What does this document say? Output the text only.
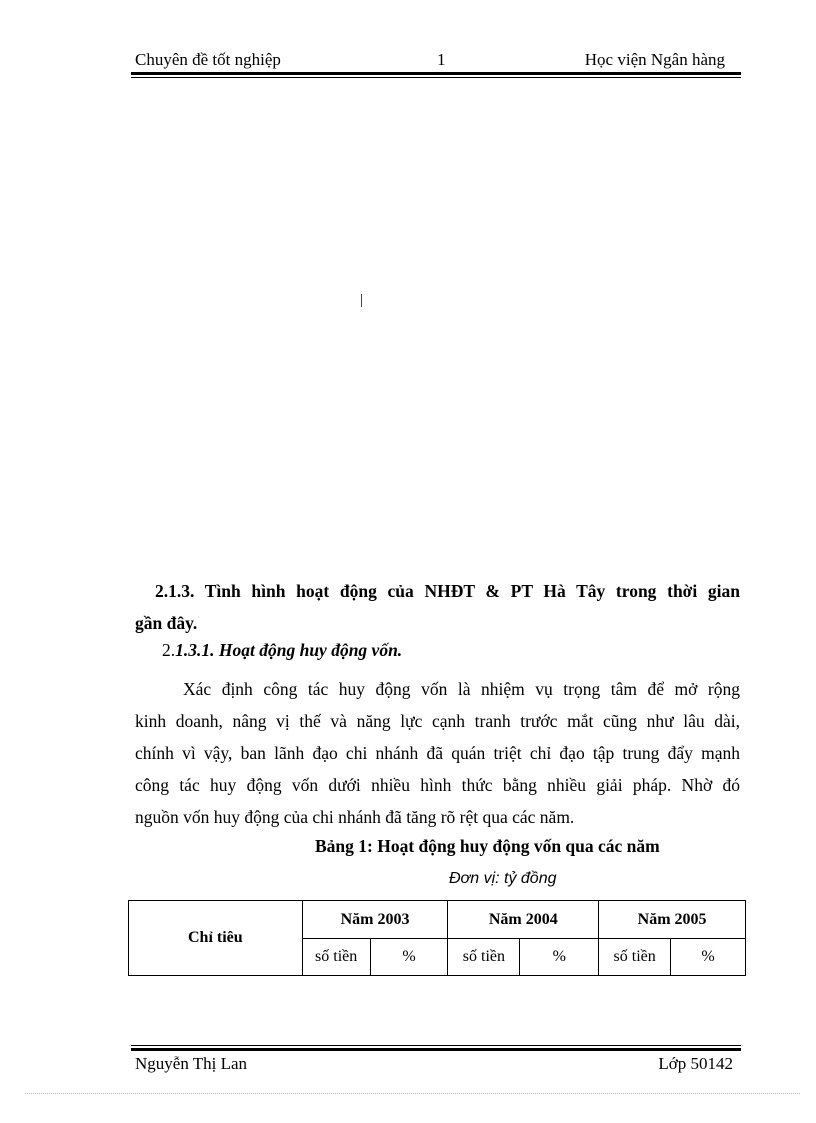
Chuyên đề tốt nghiệp	1	Học viện Ngân hàng
|
2.1.3. Tình hình hoạt động của NHĐT & PT Hà Tây trong thời gian
gần đây.
2.1.3.1. Hoạt động huy động vốn.
Xác định công tác huy động vốn là nhiệm vụ trọng tâm để mở rộng
kinh doanh, nâng vị thế và năng lực cạnh tranh trước mắt cũng như lâu dài,
chính vì vậy, ban lãnh đạo chi nhánh đã quán triệt chỉ đạo tập trung đẩy mạnh
công tác huy động vốn dưới nhiều hình thức bằng nhiều giải pháp. Nhờ đó
nguồn vốn huy động của chi nhánh đã tăng rõ rệt qua các năm.
Bảng 1: Hoạt động huy động vốn qua các năm
Đơn vị: tỷ đồng
Chỉ tiêu	Năm 2003		Năm 2004		Năm 2005	
	số tiền	%	số tiền	%	số tiền	%
Nguyễn Thị Lan	Lớp 50142
